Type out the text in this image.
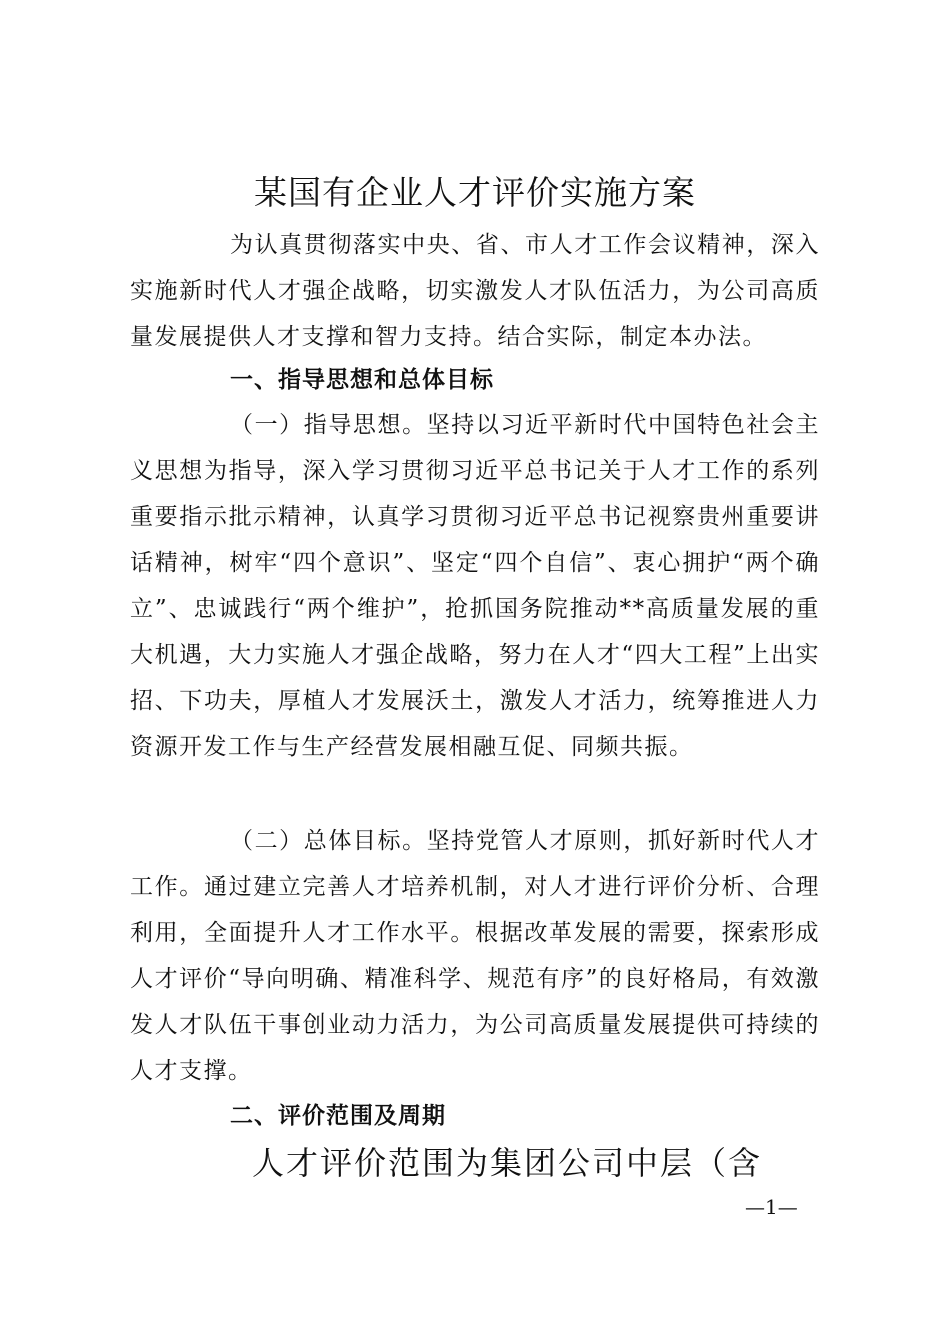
某国有企业人才评价实施方案

为认真贯彻落实中央、省、市人才工作会议精神，深入实施新时代人才强企战略，切实激发人才队伍活力，为公司高质量发展提供人才支撑和智力支持。结合实际，制定本办法。

一、指导思想和总体目标

（一）指导思想。坚持以习近平新时代中国特色社会主义思想为指导，深入学习贯彻习近平总书记关于人才工作的系列重要指示批示精神，认真学习贯彻习近平总书记视察贵州重要讲话精神，树牢“四个意识”、坚定“四个自信”、衷心拥护“两个确立”、忠诚践行“两个维护”，抢抓国务院推动**高质量发展的重大机遇，大力实施人才强企战略，努力在人才“四大工程”上出实招、下功夫，厚植人才发展沃土，激发人才活力，统筹推进人力资源开发工作与生产经营发展相融互促、同频共振。

（二）总体目标。坚持党管人才原则，抓好新时代人才工作。通过建立完善人才培养机制，对人才进行评价分析、合理利用，全面提升人才工作水平。根据改革发展的需要，探索形成人才评价“导向明确、精准科学、规范有序”的良好格局，有效激发人才队伍干事创业动力活力，为公司高质量发展提供可持续的人才支撑。

二、评价范围及周期
人才评价范围为集团公司中层（含
—1—
